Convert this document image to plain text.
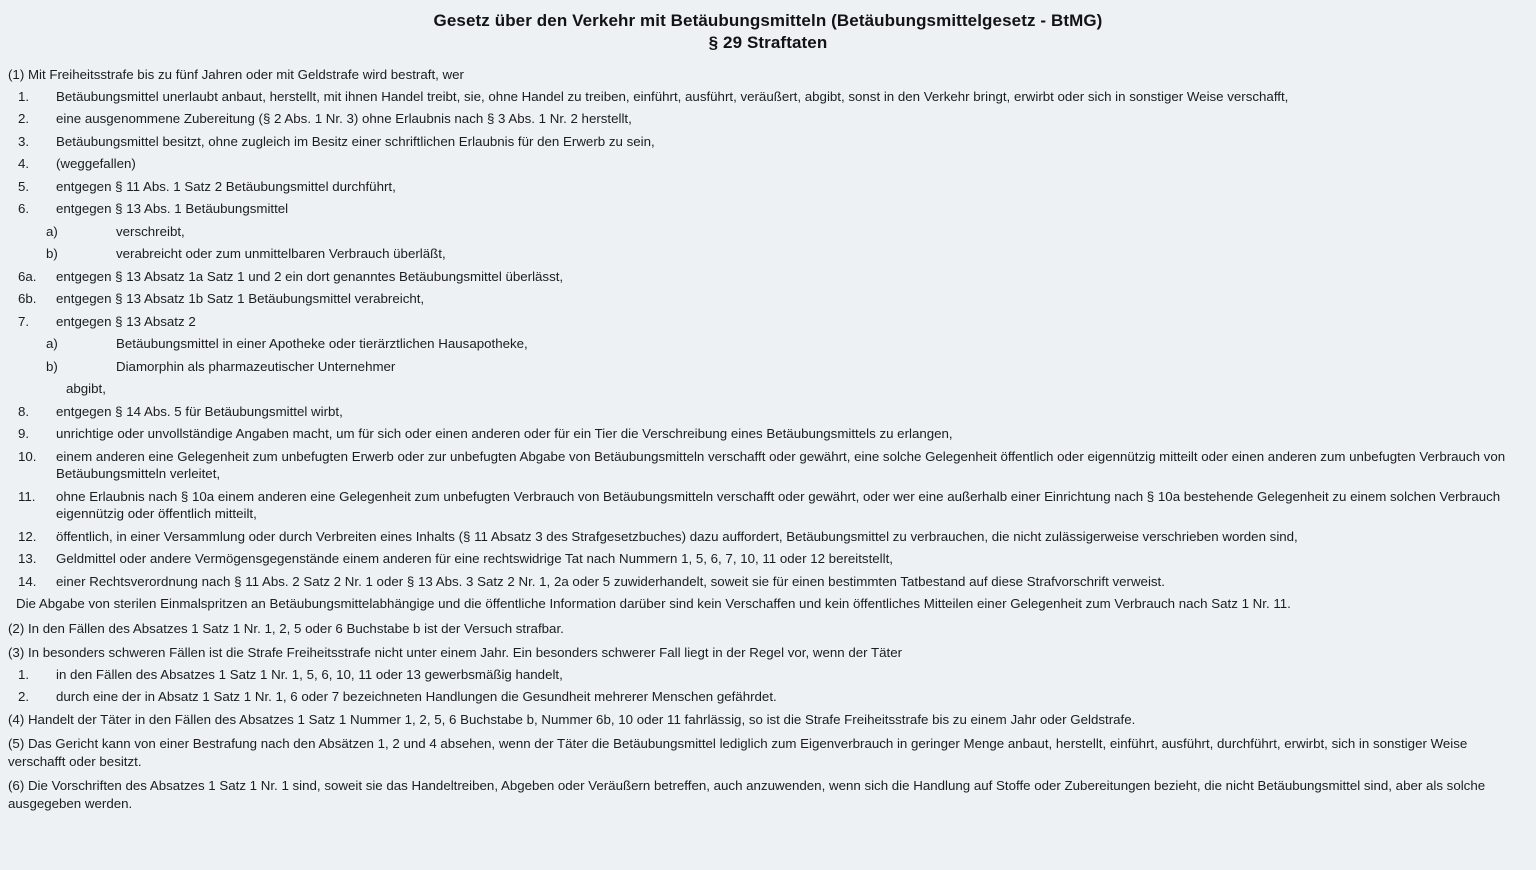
Gesetz über den Verkehr mit Betäubungsmitteln (Betäubungsmittelgesetz - BtMG)
§ 29 Straftaten

(1) Mit Freiheitsstrafe bis zu fünf Jahren oder mit Geldstrafe wird bestraft, wer

1.	Betäubungsmittel unerlaubt anbaut, herstellt, mit ihnen Handel treibt, sie, ohne Handel zu treiben, einführt, ausführt, veräußert, abgibt, sonst in den Verkehr bringt, erwirbt oder sich in sonstiger Weise verschafft,
2.	eine ausgenommene Zubereitung (§ 2 Abs. 1 Nr. 3) ohne Erlaubnis nach § 3 Abs. 1 Nr. 2 herstellt,
3.	Betäubungsmittel besitzt, ohne zugleich im Besitz einer schriftlichen Erlaubnis für den Erwerb zu sein,
4.	(weggefallen)
5.	entgegen § 11 Abs. 1 Satz 2 Betäubungsmittel durchführt,
6.	entgegen § 13 Abs. 1 Betäubungsmittel
a)	verschreibt,
b)	verabreicht oder zum unmittelbaren Verbrauch überläßt,
6a.	entgegen § 13 Absatz 1a Satz 1 und 2 ein dort genanntes Betäubungsmittel überlässt,
6b.	entgegen § 13 Absatz 1b Satz 1 Betäubungsmittel verabreicht,
7.	entgegen § 13 Absatz 2
a)	Betäubungsmittel in einer Apotheke oder tierärztlichen Hausapotheke,
b)	Diamorphin als pharmazeutischer Unternehmer
abgibt,
8.	entgegen § 14 Abs. 5 für Betäubungsmittel wirbt,
9.	unrichtige oder unvollständige Angaben macht, um für sich oder einen anderen oder für ein Tier die Verschreibung eines Betäubungsmittels zu erlangen,
10.	einem anderen eine Gelegenheit zum unbefugten Erwerb oder zur unbefugten Abgabe von Betäubungsmitteln verschafft oder gewährt, eine solche Gelegenheit öffentlich oder eigennützig mitteilt oder einen anderen zum unbefugten Verbrauch von Betäubungsmitteln verleitet,
11.	ohne Erlaubnis nach § 10a einem anderen eine Gelegenheit zum unbefugten Verbrauch von Betäubungsmitteln verschafft oder gewährt, oder wer eine außerhalb einer Einrichtung nach § 10a bestehende Gelegenheit zu einem solchen Verbrauch eigennützig oder öffentlich mitteilt,
12.	öffentlich, in einer Versammlung oder durch Verbreiten eines Inhalts (§ 11 Absatz 3 des Strafgesetzbuches) dazu auffordert, Betäubungsmittel zu verbrauchen, die nicht zulässigerweise verschrieben worden sind,
13.	Geldmittel oder andere Vermögensgegenstände einem anderen für eine rechtswidrige Tat nach Nummern 1, 5, 6, 7, 10, 11 oder 12 bereitstellt,
14.	einer Rechtsverordnung nach § 11 Abs. 2 Satz 2 Nr. 1 oder § 13 Abs. 3 Satz 2 Nr. 1, 2a oder 5 zuwiderhandelt, soweit sie für einen bestimmten Tatbestand auf diese Strafvorschrift verweist.

Die Abgabe von sterilen Einmalspritzen an Betäubungsmittelabhängige und die öffentliche Information darüber sind kein Verschaffen und kein öffentliches Mitteilen einer Gelegenheit zum Verbrauch nach Satz 1 Nr. 11.

(2) In den Fällen des Absatzes 1 Satz 1 Nr. 1, 2, 5 oder 6 Buchstabe b ist der Versuch strafbar.

(3) In besonders schweren Fällen ist die Strafe Freiheitsstrafe nicht unter einem Jahr. Ein besonders schwerer Fall liegt in der Regel vor, wenn der Täter

1.	in den Fällen des Absatzes 1 Satz 1 Nr. 1, 5, 6, 10, 11 oder 13 gewerbsmäßig handelt,
2.	durch eine der in Absatz 1 Satz 1 Nr. 1, 6 oder 7 bezeichneten Handlungen die Gesundheit mehrerer Menschen gefährdet.

(4) Handelt der Täter in den Fällen des Absatzes 1 Satz 1 Nummer 1, 2, 5, 6 Buchstabe b, Nummer 6b, 10 oder 11 fahrlässig, so ist die Strafe Freiheitsstrafe bis zu einem Jahr oder Geldstrafe.

(5) Das Gericht kann von einer Bestrafung nach den Absätzen 1, 2 und 4 absehen, wenn der Täter die Betäubungsmittel lediglich zum Eigenverbrauch in geringer Menge anbaut, herstellt, einführt, ausführt, durchführt, erwirbt, sich in sonstiger Weise verschafft oder besitzt.

(6) Die Vorschriften des Absatzes 1 Satz 1 Nr. 1 sind, soweit sie das Handeltreiben, Abgeben oder Veräußern betreffen, auch anzuwenden, wenn sich die Handlung auf Stoffe oder Zubereitungen bezieht, die nicht Betäubungsmittel sind, aber als solche ausgegeben werden.
